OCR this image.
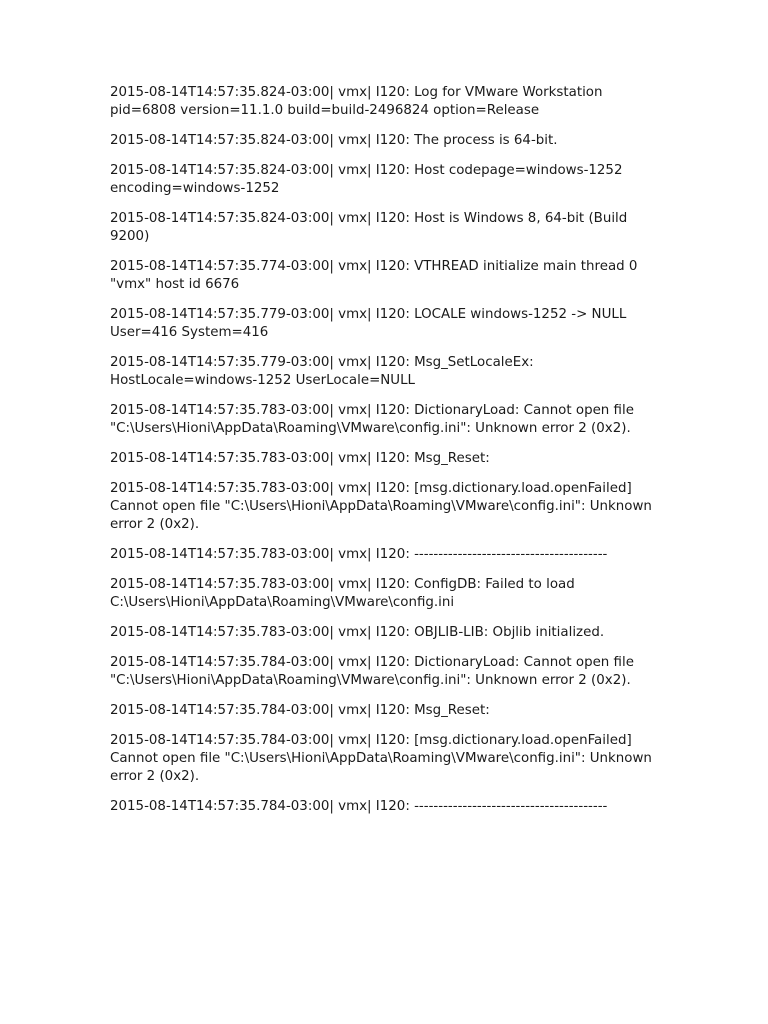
2015-08-14T14:57:35.824-03:00| vmx| I120: Log for VMware Workstation pid=6808 version=11.1.0 build=build-2496824 option=Release

2015-08-14T14:57:35.824-03:00| vmx| I120: The process is 64-bit.

2015-08-14T14:57:35.824-03:00| vmx| I120: Host codepage=windows-1252 encoding=windows-1252

2015-08-14T14:57:35.824-03:00| vmx| I120: Host is Windows 8, 64-bit (Build 9200)

2015-08-14T14:57:35.774-03:00| vmx| I120: VTHREAD initialize main thread 0 "vmx" host id 6676

2015-08-14T14:57:35.779-03:00| vmx| I120: LOCALE windows-1252 -> NULL User=416 System=416

2015-08-14T14:57:35.779-03:00| vmx| I120: Msg_SetLocaleEx: HostLocale=windows-1252 UserLocale=NULL

2015-08-14T14:57:35.783-03:00| vmx| I120: DictionaryLoad: Cannot open file "C:\Users\Hioni\AppData\Roaming\VMware\config.ini": Unknown error 2 (0x2).

2015-08-14T14:57:35.783-03:00| vmx| I120: Msg_Reset:

2015-08-14T14:57:35.783-03:00| vmx| I120: [msg.dictionary.load.openFailed] Cannot open file "C:\Users\Hioni\AppData\Roaming\VMware\config.ini": Unknown error 2 (0x2).

2015-08-14T14:57:35.783-03:00| vmx| I120: ----------------------------------------

2015-08-14T14:57:35.783-03:00| vmx| I120: ConfigDB: Failed to load C:\Users\Hioni\AppData\Roaming\VMware\config.ini

2015-08-14T14:57:35.783-03:00| vmx| I120: OBJLIB-LIB: Objlib initialized.

2015-08-14T14:57:35.784-03:00| vmx| I120: DictionaryLoad: Cannot open file "C:\Users\Hioni\AppData\Roaming\VMware\config.ini": Unknown error 2 (0x2).

2015-08-14T14:57:35.784-03:00| vmx| I120: Msg_Reset:

2015-08-14T14:57:35.784-03:00| vmx| I120: [msg.dictionary.load.openFailed] Cannot open file "C:\Users\Hioni\AppData\Roaming\VMware\config.ini": Unknown error 2 (0x2).

2015-08-14T14:57:35.784-03:00| vmx| I120: ----------------------------------------
